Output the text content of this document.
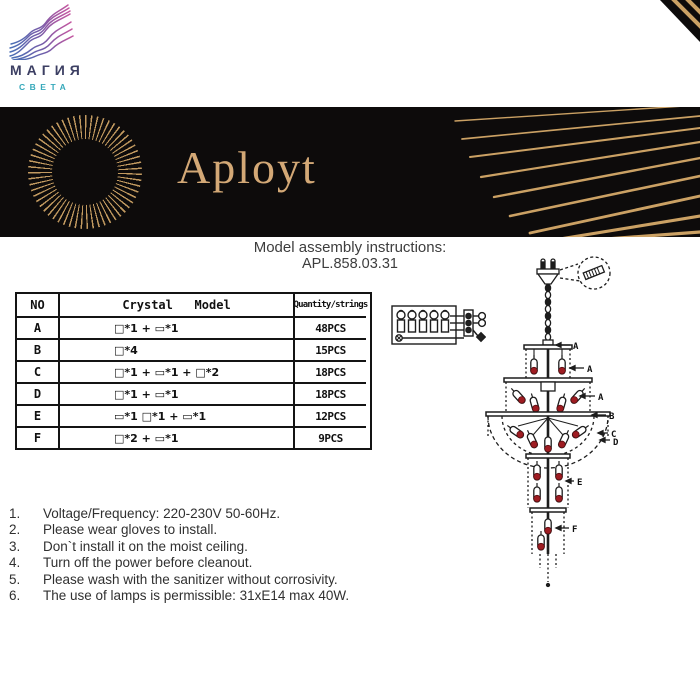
МАГИЯ
СВЕТА
Aployt
Model assembly instructions:
APL.858.03.31
NO	Crystal   Model	Quantity/strings
A	□*1 + ▭*1	48PCS
B	□*4	15PCS
C	□*1 + ▭*1 + □*2	18PCS
D	□*1 + ▭*1	18PCS
E	▭*1 □*1 + ▭*1	12PCS
F	□*2 + ▭*1	9PCS
A
A
A
B
C
D
E
F
1.	Voltage/Frequency: 220-230V 50-60Hz.
2.	Please wear gloves to install.
3.	Don`t install it on the moist ceiling.
4.	Turn off the power before cleanout.
5.	Please wash with the sanitizer without corrosivity.
6.	The use of lamps is permissible: 31xE14 max 40W.
